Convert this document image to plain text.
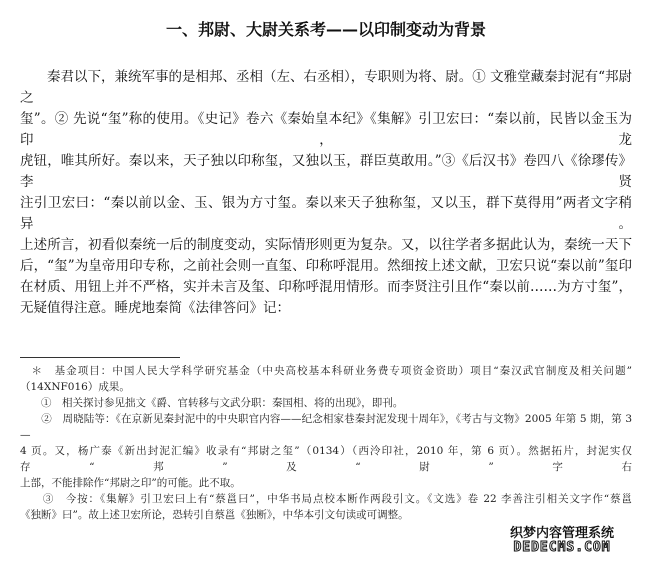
一、邦尉、大尉关系考——以印制变动为背景
　　秦君以下，兼统军事的是相邦、丞相（左、右丞相），专职则为将、尉。① 文雅堂藏秦封泥有“邦尉之
玺”。② 先说“玺”称的使用。《史记》卷六《秦始皇本纪》《集解》引卫宏曰：“秦以前，民皆以金玉为印，龙
虎钮，唯其所好。秦以来，天子独以印称玺，又独以玉，群臣莫敢用。”③《后汉书》卷四八《徐璆传》李贤
注引卫宏曰：“秦以前以金、玉、银为方寸玺。秦以来天子独称玺，又以玉，群下莫得用”两者文字稍异。
上述所言，初看似秦统一后的制度变动，实际情形则更为复杂。又，以往学者多据此认为，秦统一天下
后，“玺”为皇帝用印专称，之前社会则一直玺、印称呼混用。然细按上述文献，卫宏只说“秦以前”玺印
在材质、用钮上并不严格，实并未言及玺、印称呼混用情形。而李贤注引且作“秦以前……为方寸玺”，
无疑值得注意。睡虎地秦简《法律答问》记：
　＊　基金项目：中国人民大学科学研究基金（中央高校基本科研业务费专项资金资助）项目“秦汉武官制度及相关问题”
（14XNF016）成果。
　　①　相关探讨参见拙文《爵、官转移与文武分职：秦国相、将的出现》，即刊。
　　②　周晓陆等：《在京新见秦封泥中的中央职官内容——纪念相家巷秦封泥发现十周年》，《考古与文物》2005 年第 5 期，第 3—
4 页。又，杨广泰《新出封泥汇编》收录有“邦尉之玺”（0134）（西泠印社，2010 年，第 6 页）。然据拓片，封泥实仅存“邦”及“尉”字右
上部，不能排除作“邦尉之印”的可能。此不取。
　　③　今按：《集解》引卫宏曰上有“蔡邕曰”，中华书局点校本断作两段引文。《文选》卷 22 李善注引相关文字作“蔡邕
《独断》曰”。故上述卫宏所论，恐转引自蔡邕《独断》，中华本引文句读或可调整。
织梦内容管理系统
DEDECMS.COM
